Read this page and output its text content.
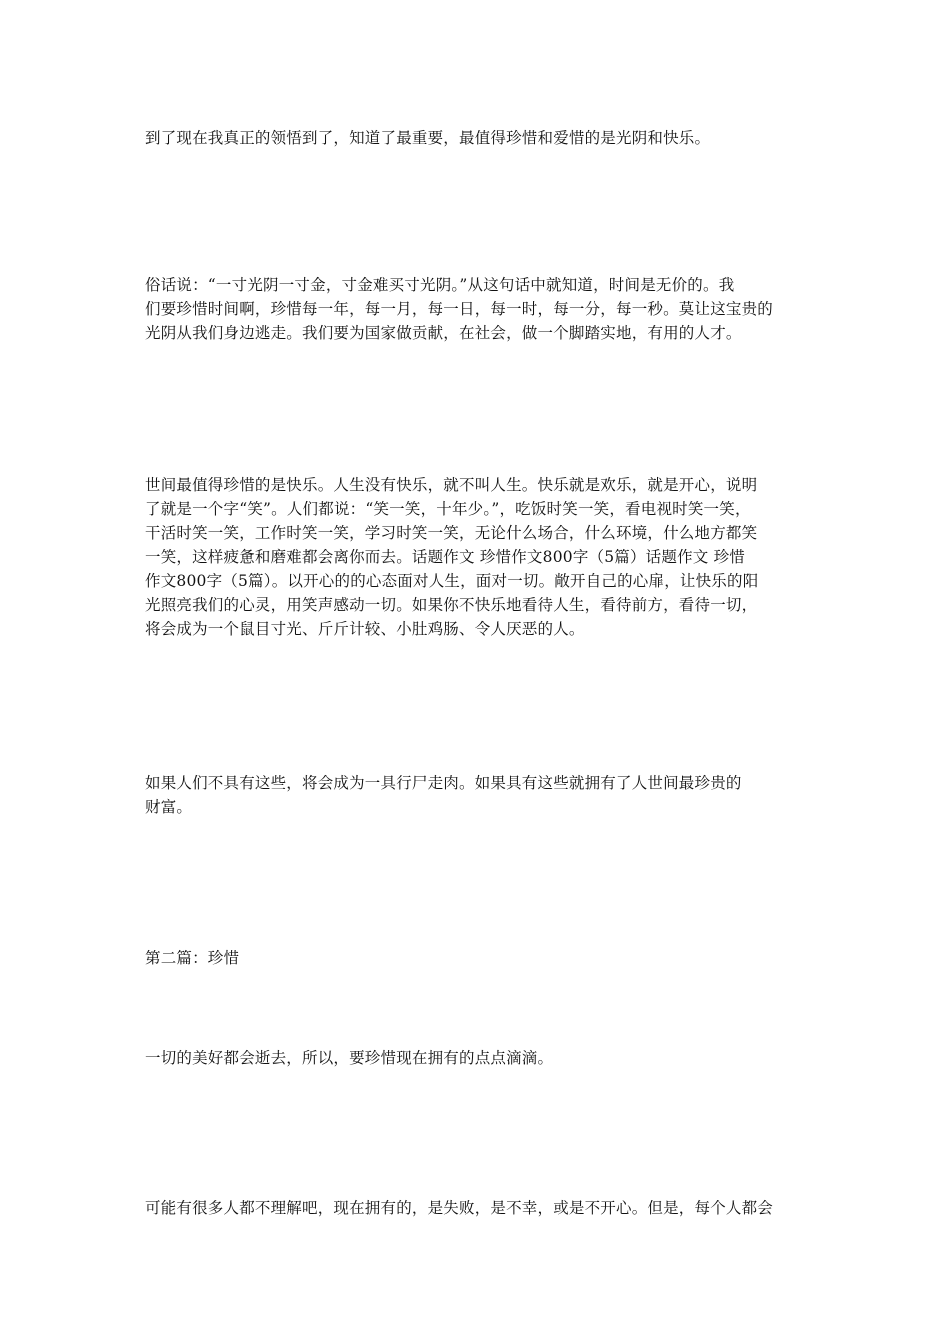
到了现在我真正的领悟到了，知道了最重要，最值得珍惜和爱惜的是光阴和快乐。

俗话说：“一寸光阴一寸金，寸金难买寸光阴。”从这句话中就知道，时间是无价的。我
们要珍惜时间啊，珍惜每一年，每一月，每一日，每一时，每一分，每一秒。莫让这宝贵的
光阴从我们身边逃走。我们要为国家做贡献，在社会，做一个脚踏实地，有用的人才。

世间最值得珍惜的是快乐。人生没有快乐，就不叫人生。快乐就是欢乐，就是开心，说明
了就是一个字“笑”。人们都说：“笑一笑，十年少。”，吃饭时笑一笑，看电视时笑一笑，
干活时笑一笑，工作时笑一笑，学习时笑一笑，无论什么场合，什么环境，什么地方都笑
一笑，这样疲惫和磨难都会离你而去。话题作文 珍惜作文800字（5篇）话题作文 珍惜
作文800字（5篇）。以开心的的心态面对人生，面对一切。敞开自己的心扉，让快乐的阳
光照亮我们的心灵，用笑声感动一切。如果你不快乐地看待人生，看待前方，看待一切，
将会成为一个鼠目寸光、斤斤计较、小肚鸡肠、令人厌恶的人。

如果人们不具有这些，将会成为一具行尸走肉。如果具有这些就拥有了人世间最珍贵的
财富。

第二篇：珍惜

一切的美好都会逝去，所以，要珍惜现在拥有的点点滴滴。

可能有很多人都不理解吧，现在拥有的，是失败，是不幸，或是不开心。但是，每个人都会
